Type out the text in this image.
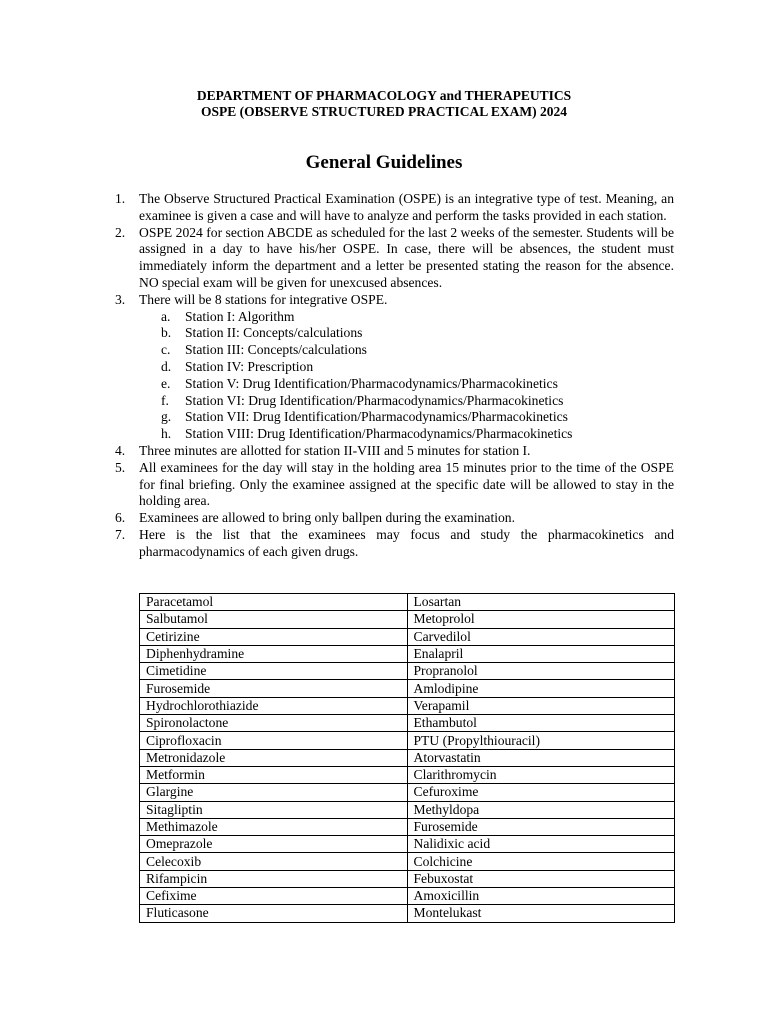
DEPARTMENT OF PHARMACOLOGY and THERAPEUTICS
OSPE (OBSERVE STRUCTURED PRACTICAL EXAM) 2024
General Guidelines
1. The Observe Structured Practical Examination (OSPE) is an integrative type of test. Meaning, an examinee is given a case and will have to analyze and perform the tasks provided in each station.
2. OSPE 2024 for section ABCDE as scheduled for the last 2 weeks of the semester. Students will be assigned in a day to have his/her OSPE. In case, there will be absences, the student must immediately inform the department and a letter be presented stating the reason for the absence. NO special exam will be given for unexcused absences.
3. There will be 8 stations for integrative OSPE.
a. Station I: Algorithm
b. Station II: Concepts/calculations
c. Station III: Concepts/calculations
d. Station IV: Prescription
e. Station V: Drug Identification/Pharmacodynamics/Pharmacokinetics
f. Station VI: Drug Identification/Pharmacodynamics/Pharmacokinetics
g. Station VII: Drug Identification/Pharmacodynamics/Pharmacokinetics
h. Station VIII: Drug Identification/Pharmacodynamics/Pharmacokinetics
4. Three minutes are allotted for station II-VIII and 5 minutes for station I.
5. All examinees for the day will stay in the holding area 15 minutes prior to the time of the OSPE for final briefing. Only the examinee assigned at the specific date will be allowed to stay in the holding area.
6. Examinees are allowed to bring only ballpen during the examination.
7. Here is the list that the examinees may focus and study the pharmacokinetics and pharmacodynamics of each given drugs.
Paracetamol	Losartan
Salbutamol	Metoprolol
Cetirizine	Carvedilol
Diphenhydramine	Enalapril
Cimetidine	Propranolol
Furosemide	Amlodipine
Hydrochlorothiazide	Verapamil
Spironolactone	Ethambutol
Ciprofloxacin	PTU (Propylthiouracil)
Metronidazole	Atorvastatin
Metformin	Clarithromycin
Glargine	Cefuroxime
Sitagliptin	Methyldopa
Methimazole	Furosemide
Omeprazole	Nalidixic acid
Celecoxib	Colchicine
Rifampicin	Febuxostat
Cefixime	Amoxicillin
Fluticasone	Montelukast
